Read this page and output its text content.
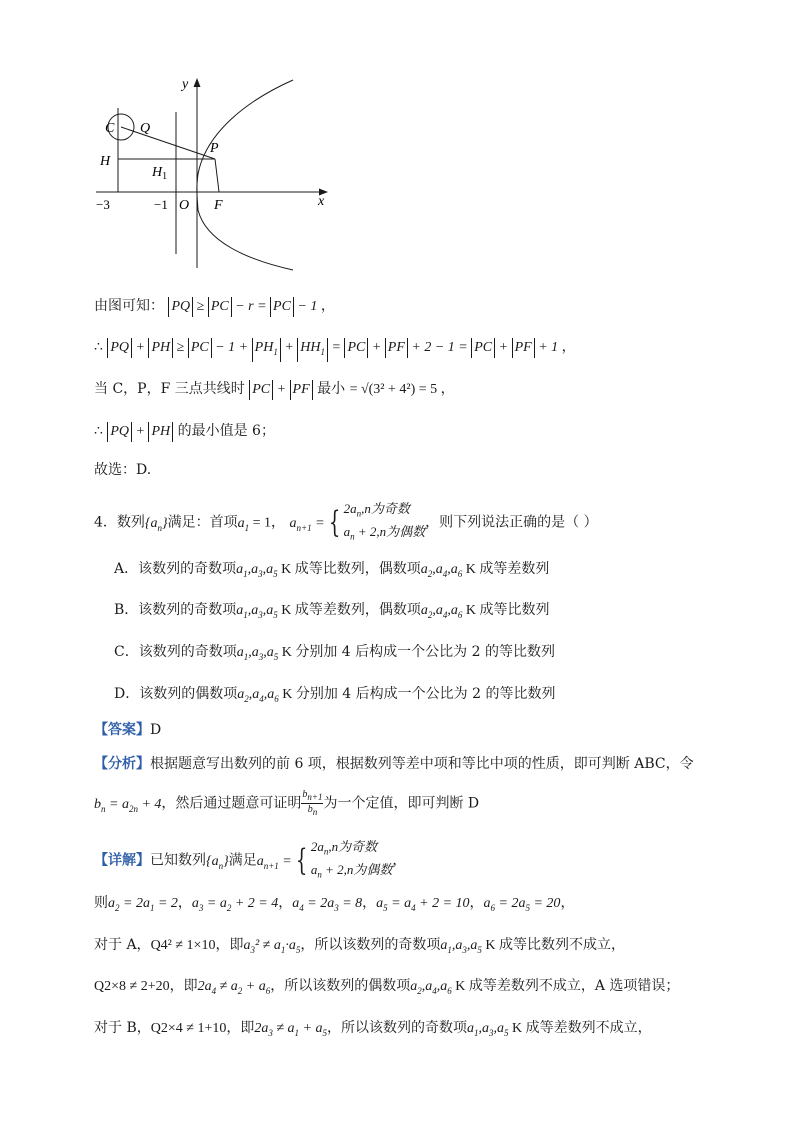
y
x
C Q
P
H
$H_1$
−3	−1 O F
由图可知： PQ ≥ PC − r = PC − 1 ，
∴ PQ + PH ≥ PC − $1 + PH_1 + HH_1$ = PC + PF + 2 − 1 = PC + PF + 1 ，
当 C，P，F 三点共线时 PC + PF 最小 = √(3² + 4²) = 5 ，
∴ PQ + PH 的最小值是 6；
故选：D.
4．数列$\{a_n\}$满足：首项$a_1 = 1$， $a_{n+1}$ = { $2a_n,n$为奇数
$a_n + 2,n$为偶数，则下列说法正确的是（ ）
A．该数列的奇数项$a_1,a_3,a_5$ K 成等比数列，偶数项$a_2,a_4,a_6$ K 成等差数列
B．该数列的奇数项$a_1,a_3,a_5$ K 成等差数列，偶数项$a_2,a_4,a_6$ K 成等比数列
C．该数列的奇数项$a_1,a_3,a_5$ K 分别加 4 后构成一个公比为 2 的等比数列
D．该数列的偶数项$a_2,a_4,a_6$ K 分别加 4 后构成一个公比为 2 的等比数列
【答案】D
【分析】根据题意写出数列的前 6 项，根据数列等差中项和等比中项的性质，即可判断 ABC，令
$b_n = a_{2n} + 4$，然后通过题意可证明 $\frac{b_{n+1}}{b_n}$ 为一个定值，即可判断 D
【详解】已知数列$\{a_n\}$满足$a_{n+1}$ = { $2a_n,n$为奇数
$a_n + 2,n$为偶数，
则$a_2 = 2a_1 = 2$，$a_3 = a_2 + 2 = 4$，$a_4 = 2a_3 = 8$，$a_5 = a_4 + 2 = 10$，$a_6 = 2a_5 = 20$，
对于 A，Q4² ≠ 1×10，即$a_3^2 \ne a_1\cdot a_5$，所以该数列的奇数项$a_1,a_3,a_5$ K 成等比数列不成立，
Q2×8 ≠ 2+20，即$2a_4 \ne a_2 + a_6$，所以该数列的偶数项$a_2,a_4,a_6$ K 成等差数列不成立，A 选项错误；
对于 B，Q2×4 ≠ 1+10，即$2a_3 \ne a_1 + a_5$，所以该数列的奇数项$a_1,a_3,a_5$ K 成等差数列不成立，
